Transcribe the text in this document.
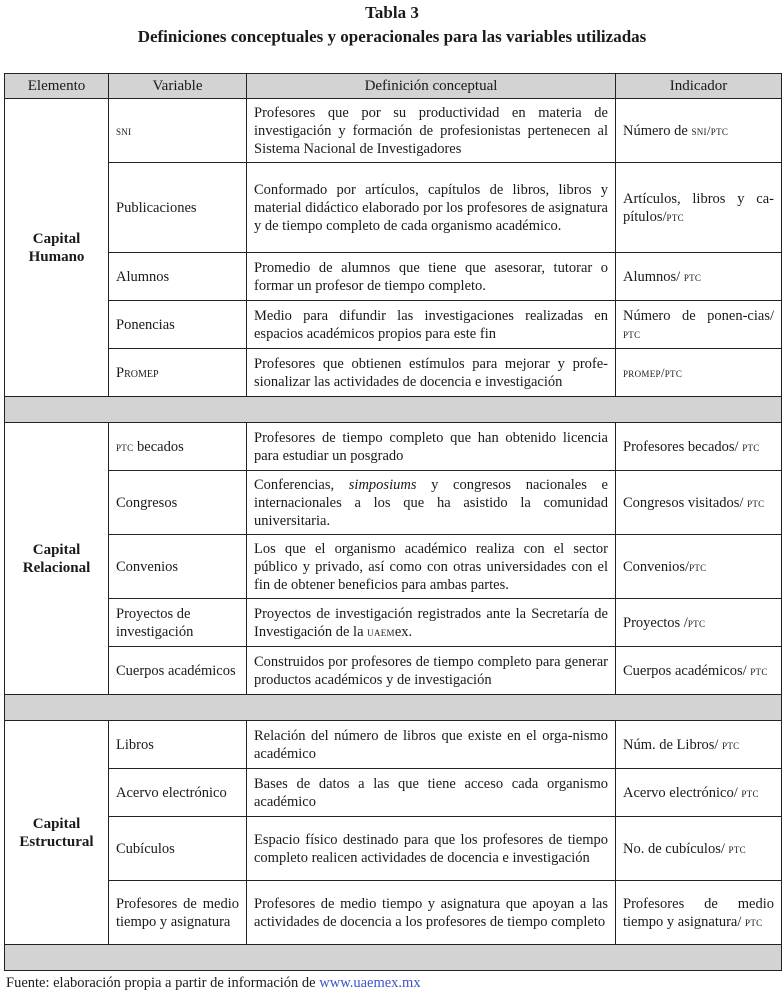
Tabla 3
Definiciones conceptuales y operacionales para las variables utilizadas
Elemento	Variable	Definición conceptual	Indicador
Capital Humano	sni	Profesores que por su productividad en materia de investigación y formación de profesionistas pertenecen al Sistema Nacional de Investigadores	Número de sni/ptc
	Publicaciones	Conformado por artículos, capítulos de libros, libros y material didáctico elaborado por los profesores de asignatura y de tiempo completo de cada organismo académico.	Artículos, libros y ca-pítulos/ptc
	Alumnos	Promedio de alumnos que tiene que asesorar, tutorar o formar un profesor de tiempo completo.	Alumnos/ ptc
	Ponencias	Medio para difundir las investigaciones realizadas en espacios académicos propios para este fin	Número de ponen-cias/ ptc
	Promep	Profesores que obtienen estímulos para mejorar y profe-sionalizar las actividades de docencia e investigación	promep/ptc

Capital Relacional	ptc becados	Profesores de tiempo completo que han obtenido licencia para estudiar un posgrado	Profesores becados/ ptc
	Congresos	Conferencias, simposiums y congresos nacionales e internacionales a los que ha asistido la comunidad universitaria.	Congresos visitados/ ptc
	Convenios	Los que el organismo académico realiza con el sector público y privado, así como con otras universidades con el fin de obtener beneficios para ambas partes.	Convenios/ptc
	Proyectos de investigación	Proyectos de investigación registrados ante la Secretaría de Investigación de la uaemex.	Proyectos /ptc
	Cuerpos académicos	Construidos por profesores de tiempo completo para generar productos académicos y de investigación	Cuerpos académicos/ ptc

Capital Estructural	Libros	Relación del número de libros que existe en el orga-nismo académico	Núm. de Libros/ ptc
	Acervo electrónico	Bases de datos a las que tiene acceso cada organismo académico	Acervo electrónico/ ptc
	Cubículos	Espacio físico destinado para que los profesores de tiempo completo realicen actividades de docencia e investigación	No. de cubículos/ ptc
	Profesores de medio tiempo y asignatura	Profesores de medio tiempo y asignatura que apoyan a las actividades de docencia a los profesores de tiempo completo	Profesores de medio tiempo y asignatura/ ptc

Fuente: elaboración propia a partir de información de www.uaemex.mx
